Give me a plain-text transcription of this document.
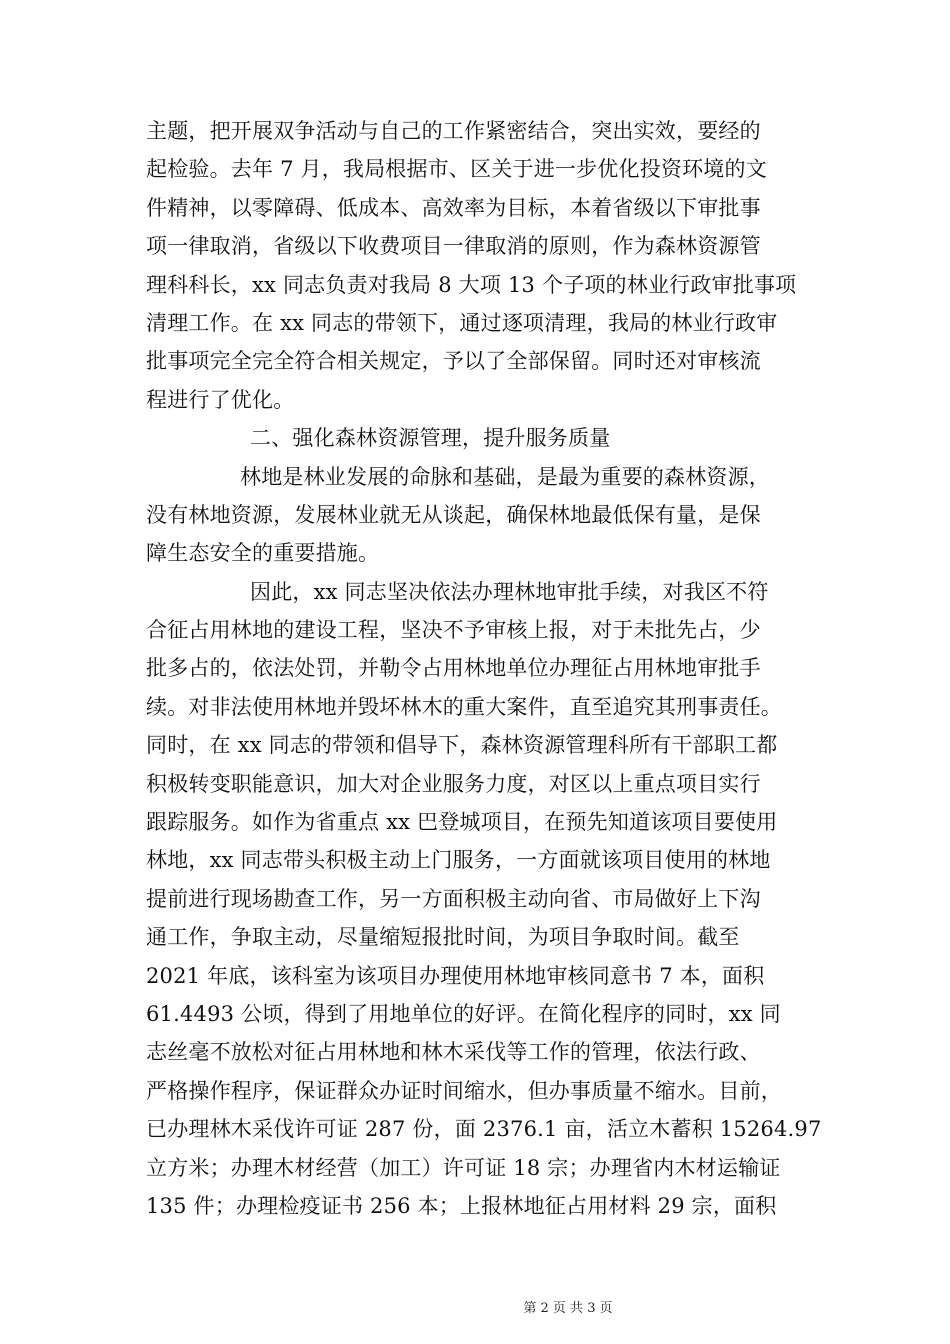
主题，把开展双争活动与自己的工作紧密结合，突出实效，要经的
起检验。去年 7 月，我局根据市、区关于进一步优化投资环境的文
件精神，以零障碍、低成本、高效率为目标，本着省级以下审批事
项一律取消，省级以下收费项目一律取消的原则，作为森林资源管
理科科长，xx 同志负责对我局 8 大项 13 个子项的林业行政审批事项
清理工作。在 xx 同志的带领下，通过逐项清理，我局的林业行政审
批事项完全完全符合相关规定，予以了全部保留。同时还对审核流
程进行了优化。
二、强化森林资源管理，提升服务质量
林地是林业发展的命脉和基础，是最为重要的森林资源，
没有林地资源，发展林业就无从谈起，确保林地最低保有量，是保
障生态安全的重要措施。
因此，xx 同志坚决依法办理林地审批手续，对我区不符
合征占用林地的建设工程，坚决不予审核上报，对于未批先占，少
批多占的，依法处罚，并勒令占用林地单位办理征占用林地审批手
续。对非法使用林地并毁坏林木的重大案件，直至追究其刑事责任。
同时，在 xx 同志的带领和倡导下，森林资源管理科所有干部职工都
积极转变职能意识，加大对企业服务力度，对区以上重点项目实行
跟踪服务。如作为省重点 xx 巴登城项目，在预先知道该项目要使用
林地，xx 同志带头积极主动上门服务，一方面就该项目使用的林地
提前进行现场勘查工作，另一方面积极主动向省、市局做好上下沟
通工作，争取主动，尽量缩短报批时间，为项目争取时间。截至
2021 年底，该科室为该项目办理使用林地审核同意书 7 本，面积
61.4493 公顷，得到了用地单位的好评。在简化程序的同时，xx 同
志丝毫不放松对征占用林地和林木采伐等工作的管理，依法行政、
严格操作程序，保证群众办证时间缩水，但办事质量不缩水。目前，
已办理林木采伐许可证 287 份，面 2376.1 亩，活立木蓄积 15264.97
立方米；办理木材经营（加工）许可证 18 宗；办理省内木材运输证
135 件；办理检疫证书 256 本；上报林地征占用材料 29 宗，面积
第 2 页 共 3 页
